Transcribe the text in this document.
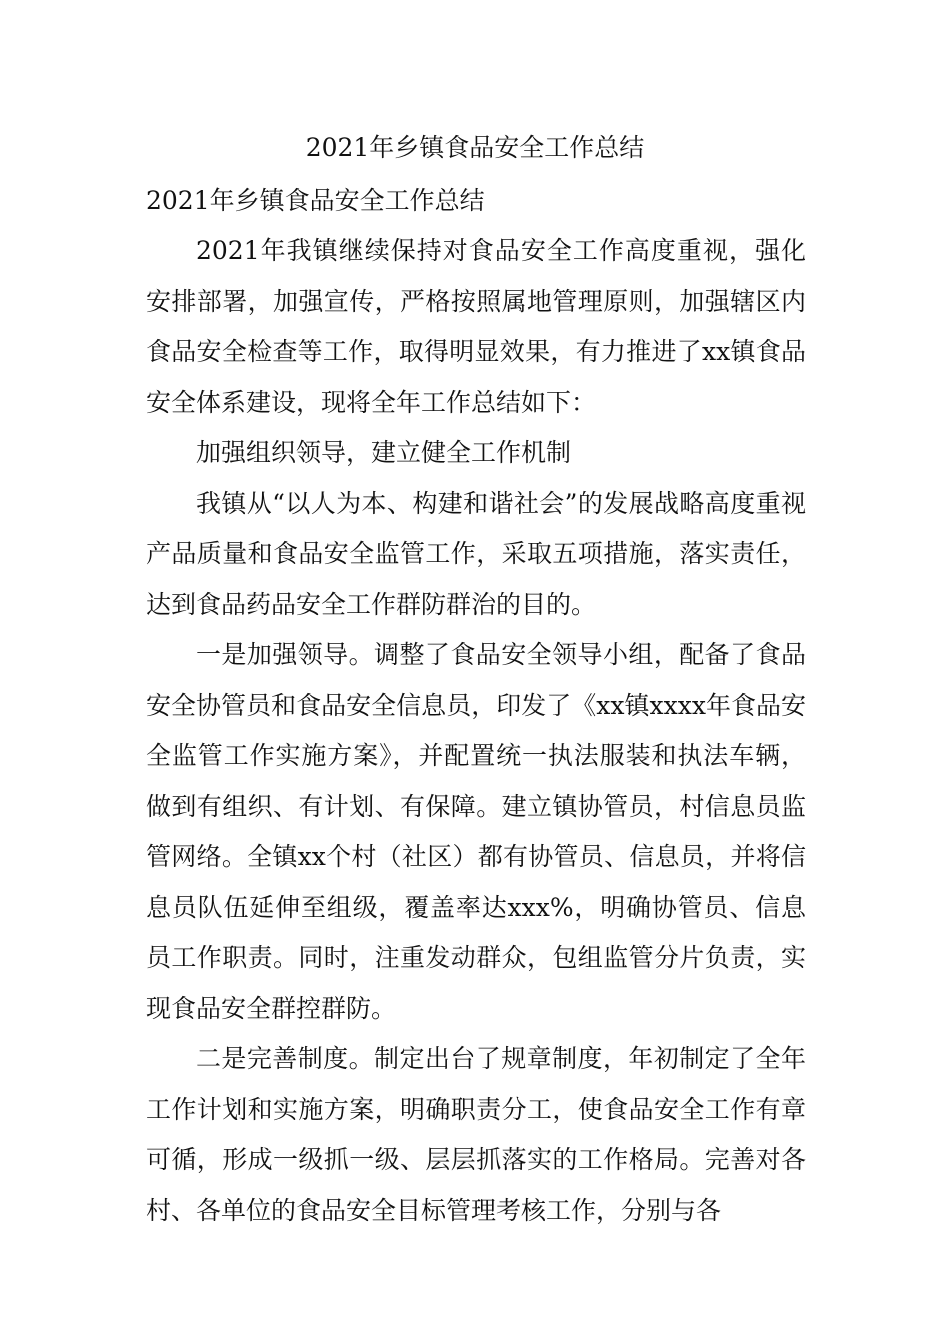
2021年乡镇食品安全工作总结

2021年乡镇食品安全工作总结

2021年我镇继续保持对食品安全工作高度重视，强化安排部署，加强宣传，严格按照属地管理原则，加强辖区内食品安全检查等工作，取得明显效果，有力推进了xx镇食品安全体系建设，现将全年工作总结如下：

加强组织领导，建立健全工作机制

我镇从“以人为本、构建和谐社会”的发展战略高度重视产品质量和食品安全监管工作，采取五项措施，落实责任，达到食品药品安全工作群防群治的目的。

一是加强领导。调整了食品安全领导小组，配备了食品安全协管员和食品安全信息员，印发了《xx镇xxxx年食品安全监管工作实施方案》，并配置统一执法服装和执法车辆，做到有组织、有计划、有保障。建立镇协管员，村信息员监管网络。全镇xx个村（社区）都有协管员、信息员，并将信息员队伍延伸至组级，覆盖率达xxx%，明确协管员、信息员工作职责。同时，注重发动群众，包组监管分片负责，实现食品安全群控群防。

二是完善制度。制定出台了规章制度，年初制定了全年工作计划和实施方案，明确职责分工，使食品安全工作有章可循，形成一级抓一级、层层抓落实的工作格局。完善对各村、各单位的食品安全目标管理考核工作，分别与各
